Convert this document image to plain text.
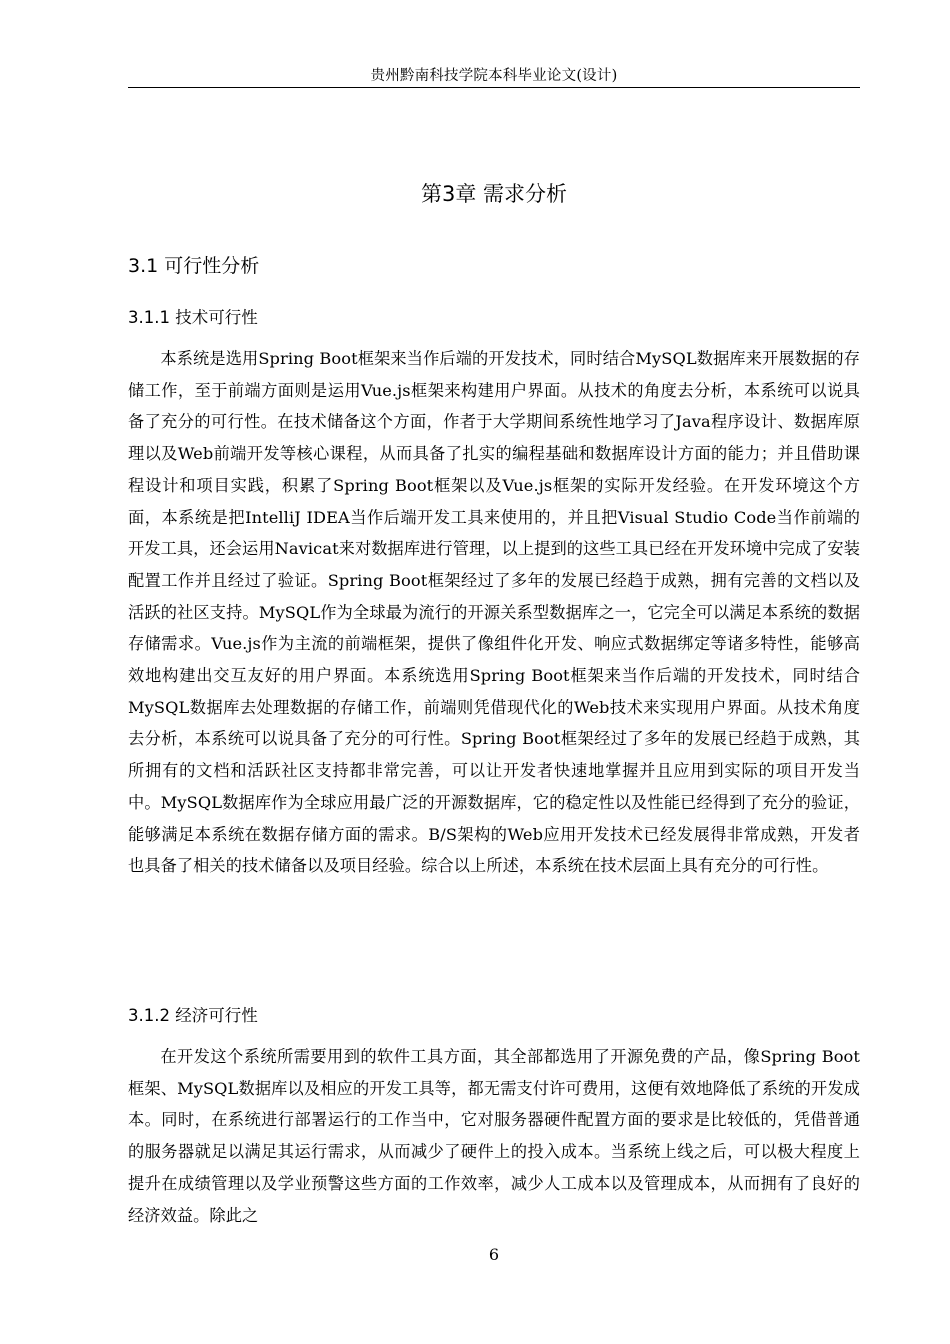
贵州黔南科技学院本科毕业论文(设计)
第3章 需求分析
3.1 可行性分析
3.1.1 技术可行性

本系统是选用Spring Boot框架来当作后端的开发技术，同时结合MySQL数据库来开展数据的存储工作，至于前端方面则是运用Vue.js框架来构建用户界面。从技术的角度去分析，本系统可以说具备了充分的可行性。在技术储备这个方面，作者于大学期间系统性地学习了Java程序设计、数据库原理以及Web前端开发等核心课程，从而具备了扎实的编程基础和数据库设计方面的能力；并且借助课程设计和项目实践，积累了Spring Boot框架以及Vue.js框架的实际开发经验。在开发环境这个方面，本系统是把IntelliJ IDEA当作后端开发工具来使用的，并且把Visual Studio Code当作前端的开发工具，还会运用Navicat来对数据库进行管理，以上提到的这些工具已经在开发环境中完成了安装配置工作并且经过了验证。Spring Boot框架经过了多年的发展已经趋于成熟，拥有完善的文档以及活跃的社区支持。MySQL作为全球最为流行的开源关系型数据库之一，它完全可以满足本系统的数据存储需求。Vue.js作为主流的前端框架，提供了像组件化开发、响应式数据绑定等诸多特性，能够高效地构建出交互友好的用户界面。本系统选用Spring Boot框架来当作后端的开发技术，同时结合MySQL数据库去处理数据的存储工作，前端则凭借现代化的Web技术来实现用户界面。从技术角度去分析，本系统可以说具备了充分的可行性。Spring Boot框架经过了多年的发展已经趋于成熟，其所拥有的文档和活跃社区支持都非常完善，可以让开发者快速地掌握并且应用到实际的项目开发当中。MySQL数据库作为全球应用最广泛的开源数据库，它的稳定性以及性能已经得到了充分的验证，能够满足本系统在数据存储方面的需求。B/S架构的Web应用开发技术已经发展得非常成熟，开发者也具备了相关的技术储备以及项目经验。综合以上所述，本系统在技术层面上具有充分的可行性。

3.1.2 经济可行性

在开发这个系统所需要用到的软件工具方面，其全部都选用了开源免费的产品，像Spring Boot框架、MySQL数据库以及相应的开发工具等，都无需支付许可费用，这便有效地降低了系统的开发成本。同时，在系统进行部署运行的工作当中，它对服务器硬件配置方面的要求是比较低的，凭借普通的服务器就足以满足其运行需求，从而减少了硬件上的投入成本。当系统上线之后，可以极大程度上提升在成绩管理以及学业预警这些方面的工作效率，减少人工成本以及管理成本，从而拥有了良好的经济效益。除此之

6
